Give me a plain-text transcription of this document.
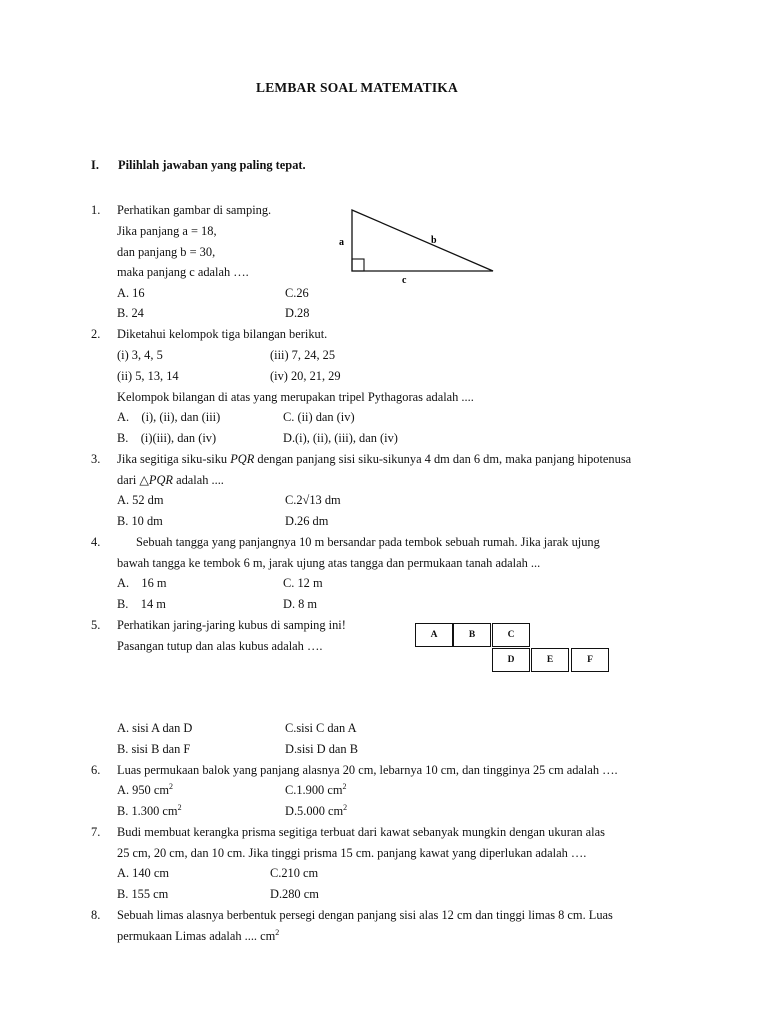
LEMBAR SOAL MATEMATIKA
I. Pilihlah jawaban yang paling tepat.
1. Perhatikan gambar di samping.
Jika panjang a = 18,
dan panjang b = 30,
maka panjang c adalah ….
A. 16	C.26
B. 24	D.28
a	b
c
2. Diketahui kelompok tiga bilangan berikut.
(i) 3, 4, 5	(iii) 7, 24, 25
(ii) 5, 13, 14	(iv) 20, 21, 29
Kelompok bilangan di atas yang merupakan tripel Pythagoras adalah ....
A.    (i), (ii), dan (iii)	C. (ii) dan (iv)
B.    (i)(iii), dan (iv)	D.(i), (ii), (iii), dan (iv)
3. Jika segitiga siku-siku PQR dengan panjang sisi siku-sikunya 4 dm dan 6 dm, maka panjang hipotenusa
dari △PQR adalah ....
A. 52 dm	C.2√13 dm
B. 10 dm	D.26 dm
4.	Sebuah tangga yang panjangnya 10 m bersandar pada tembok sebuah rumah. Jika jarak ujung
bawah tangga ke tembok 6 m, jarak ujung atas tangga dan permukaan tanah adalah ...
A.    16 m	C. 12 m
B.    14 m	D. 8 m
5. Perhatikan jaring-jaring kubus di samping ini!
Pasangan tutup dan alas kubus adalah ….
A	B	C
D	E	F
A. sisi A dan D	C.sisi C dan A
B. sisi B dan F	D.sisi D dan B
6. Luas permukaan balok yang panjang alasnya 20 cm, lebarnya 10 cm, dan tingginya 25 cm adalah ….
A. 950 $cm^2$	C.1.900 $cm^2$
B. 1.300 $cm^2$	D.5.000 $cm^2$
7. Budi membuat kerangka prisma segitiga terbuat dari kawat sebanyak mungkin dengan ukuran alas
25 cm, 20 cm, dan 10 cm. Jika tinggi prisma 15 cm. panjang kawat yang diperlukan adalah ….
A. 140 cm	C.210 cm
B. 155 cm	D.280 cm
8. Sebuah limas alasnya berbentuk persegi dengan panjang sisi alas 12 cm dan tinggi limas 8 cm. Luas
permukaan Limas adalah .... $cm^2$
